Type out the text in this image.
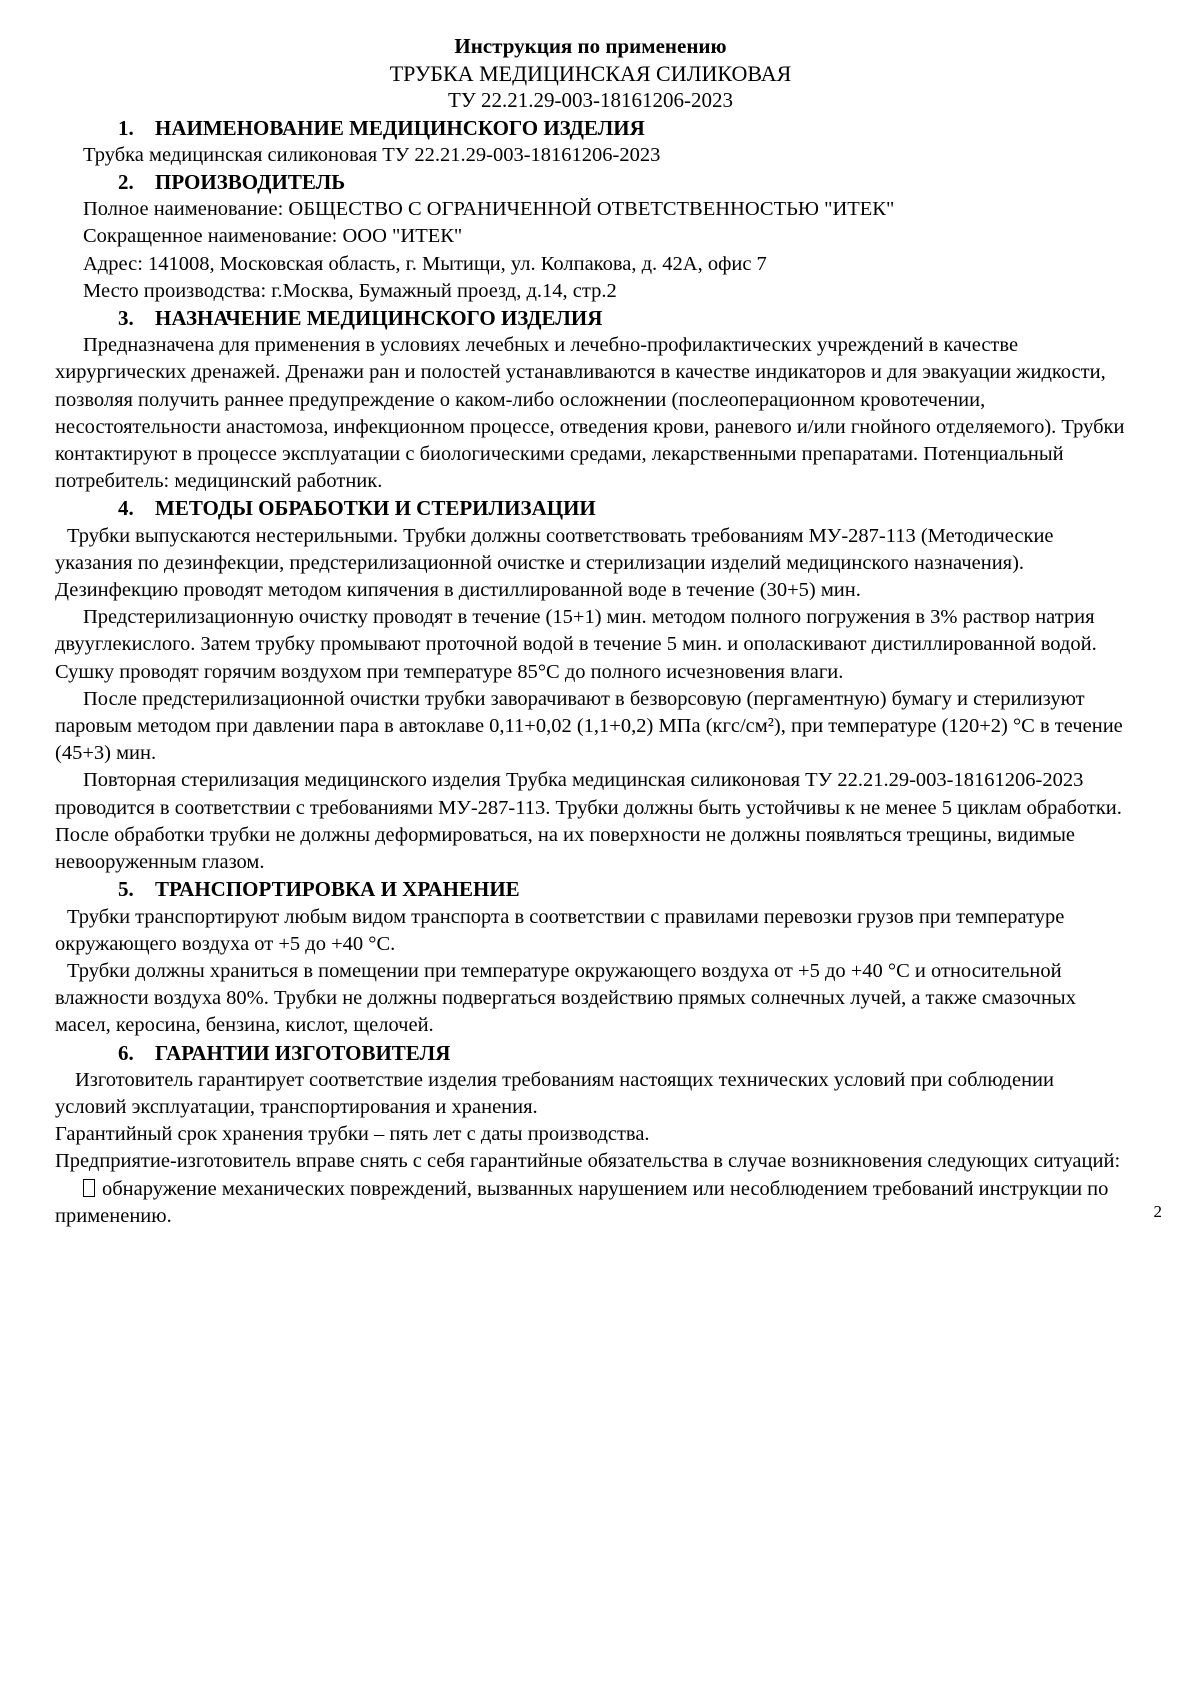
Инструкция по применению
ТРУБКА МЕДИЦИНСКАЯ СИЛИКОВАЯ
ТУ 22.21.29-003-18161206-2023
1. НАИМЕНОВАНИЕ МЕДИЦИНСКОГО ИЗДЕЛИЯ

Трубка медицинская силиконовая ТУ 22.21.29-003-18161206-2023

2. ПРОИЗВОДИТЕЛЬ

Полное наименование: ОБЩЕСТВО С ОГРАНИЧЕННОЙ ОТВЕТСТВЕННОСТЬЮ "ИТЕК"

Сокращенное наименование: ООО "ИТЕК"

Адрес: 141008, Московская область, г. Мытищи, ул. Колпакова, д. 42А, офис 7

Место производства: г.Москва, Бумажный проезд, д.14, стр.2

3. НАЗНАЧЕНИЕ МЕДИЦИНСКОГО ИЗДЕЛИЯ

Предназначена для применения в условиях лечебных и лечебно-профилактических учреждений в качестве хирургических дренажей. Дренажи ран и полостей устанавливаются в качестве индикаторов и для эвакуации жидкости, позволяя получить раннее предупреждение о каком-либо осложнении (послеоперационном кровотечении, несостоятельности анастомоза, инфекционном процессе, отведения крови, раневого и/или гнойного отделяемого). Трубки контактируют в процессе эксплуатации с биологическими средами, лекарственными препаратами. Потенциальный потребитель: медицинский работник.

4. МЕТОДЫ ОБРАБОТКИ И СТЕРИЛИЗАЦИИ

Трубки выпускаются нестерильными. Трубки должны соответствовать требованиям МУ-287-113 (Методические указания по дезинфекции, предстерилизационной очистке и стерилизации изделий медицинского назначения).

Дезинфекцию проводят методом кипячения в дистиллированной воде в течение (30+5) мин.

Предстерилизационную очистку проводят в течение (15+1) мин. методом полного погружения в 3% раствор натрия двууглекислого. Затем трубку промывают проточной водой в течение 5 мин. и ополаскивают дистиллированной водой. Сушку проводят горячим воздухом при температуре 85°С до полного исчезновения влаги.

После предстерилизационной очистки трубки заворачивают в безворсовую (пергаментную) бумагу и стерилизуют паровым методом при давлении пара в автоклаве 0,11+0,02 (1,1+0,2) МПа (кгс/см²), при температуре (120+2) °С в течение (45+3) мин.

Повторная стерилизация медицинского изделия Трубка медицинская силиконовая ТУ 22.21.29-003-18161206-2023 проводится в соответствии с требованиями МУ-287-113. Трубки должны быть устойчивы к не менее 5 циклам обработки. После обработки трубки не должны деформироваться, на их поверхности не должны появляться трещины, видимые невооруженным глазом.

5. ТРАНСПОРТИРОВКА И ХРАНЕНИЕ

Трубки транспортируют любым видом транспорта в соответствии с правилами перевозки грузов при температуре окружающего воздуха от +5 до +40 °С.

Трубки должны храниться в помещении при температуре окружающего воздуха от +5 до +40 °С и относительной влажности воздуха 80%. Трубки не должны подвергаться воздействию прямых солнечных лучей, а также смазочных масел, керосина, бензина, кислот, щелочей.

6. ГАРАНТИИ ИЗГОТОВИТЕЛЯ

Изготовитель гарантирует соответствие изделия требованиям настоящих технических условий при соблюдении условий эксплуатации, транспортирования и хранения.

Гарантийный срок хранения трубки – пять лет с даты производства.

Предприятие-изготовитель вправе снять с себя гарантийные обязательства в случае возникновения следующих ситуаций:

обнаружение механических повреждений, вызванных нарушением или несоблюдением требований инструкции по применению.	2
